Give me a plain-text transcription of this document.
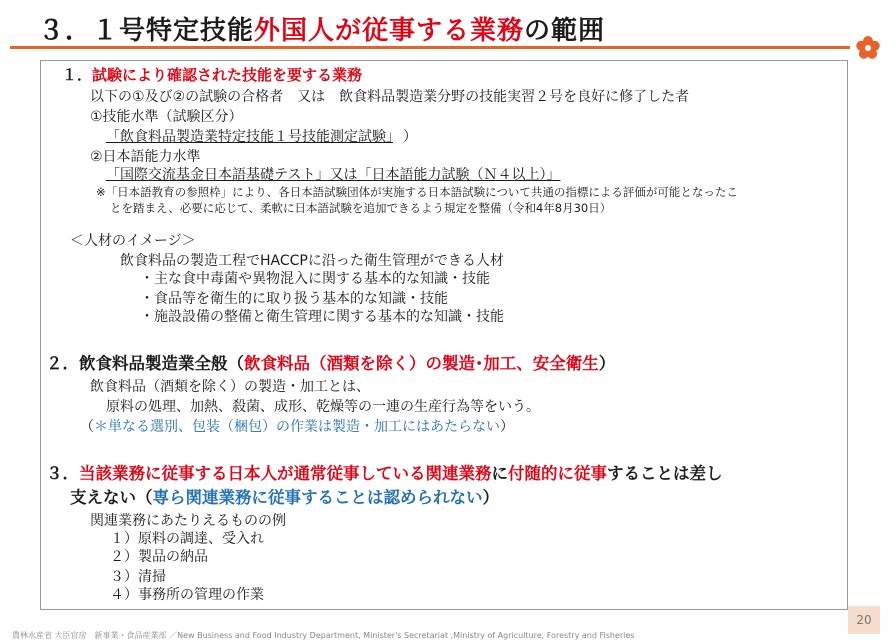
３．１号特定技能外国人が従事する業務の範囲
１．試験により確認された技能を要する業務
以下の①及び②の試験の合格者　又は　飲食料品製造業分野の技能実習２号を良好に修了した者
①技能水準（試験区分）
「飲食料品製造業特定技能１号技能測定試験」 ）
②日本語能力水準
「国際交流基金日本語基礎テスト」又は「日本語能力試験（Ｎ４以上）」
※「日本語教育の参照枠」により、各日本語試験団体が実施する日本語試験について共通の指標による評価が可能となったこ
とを踏まえ、必要に応じて、柔軟に日本語試験を追加できるよう規定を整備（令和4年8月30日）
＜人材のイメージ＞
飲食料品の製造工程でHACCPに沿った衛生管理ができる人材
・主な食中毒菌や異物混入に関する基本的な知識・技能
・食品等を衛生的に取り扱う基本的な知識・技能
・施設設備の整備と衛生管理に関する基本的な知識・技能
２．飲食料品製造業全般（飲食料品（酒類を除く）の製造･加工、安全衛生）
飲食料品（酒類を除く）の製造・加工とは、
原料の処理、加熱、殺菌、成形、乾燥等の一連の生産行為等をいう。
（＊単なる選別、包装（梱包）の作業は製造・加工にはあたらない）
３．当該業務に従事する日本人が通常従事している関連業務に付随的に従事することは差し
支えない（専ら関連業務に従事することは認められない）
関連業務にあたりえるものの例
１）原料の調達、受入れ
２）製品の納品
３）清掃
４）事務所の管理の作業
農林水産省 大臣官房　新事業・食品産業部 ／New Business and Food Industry Department, Minister's Secretariat ,Ministry of Agriculture, Forestry and Fisheries
20
